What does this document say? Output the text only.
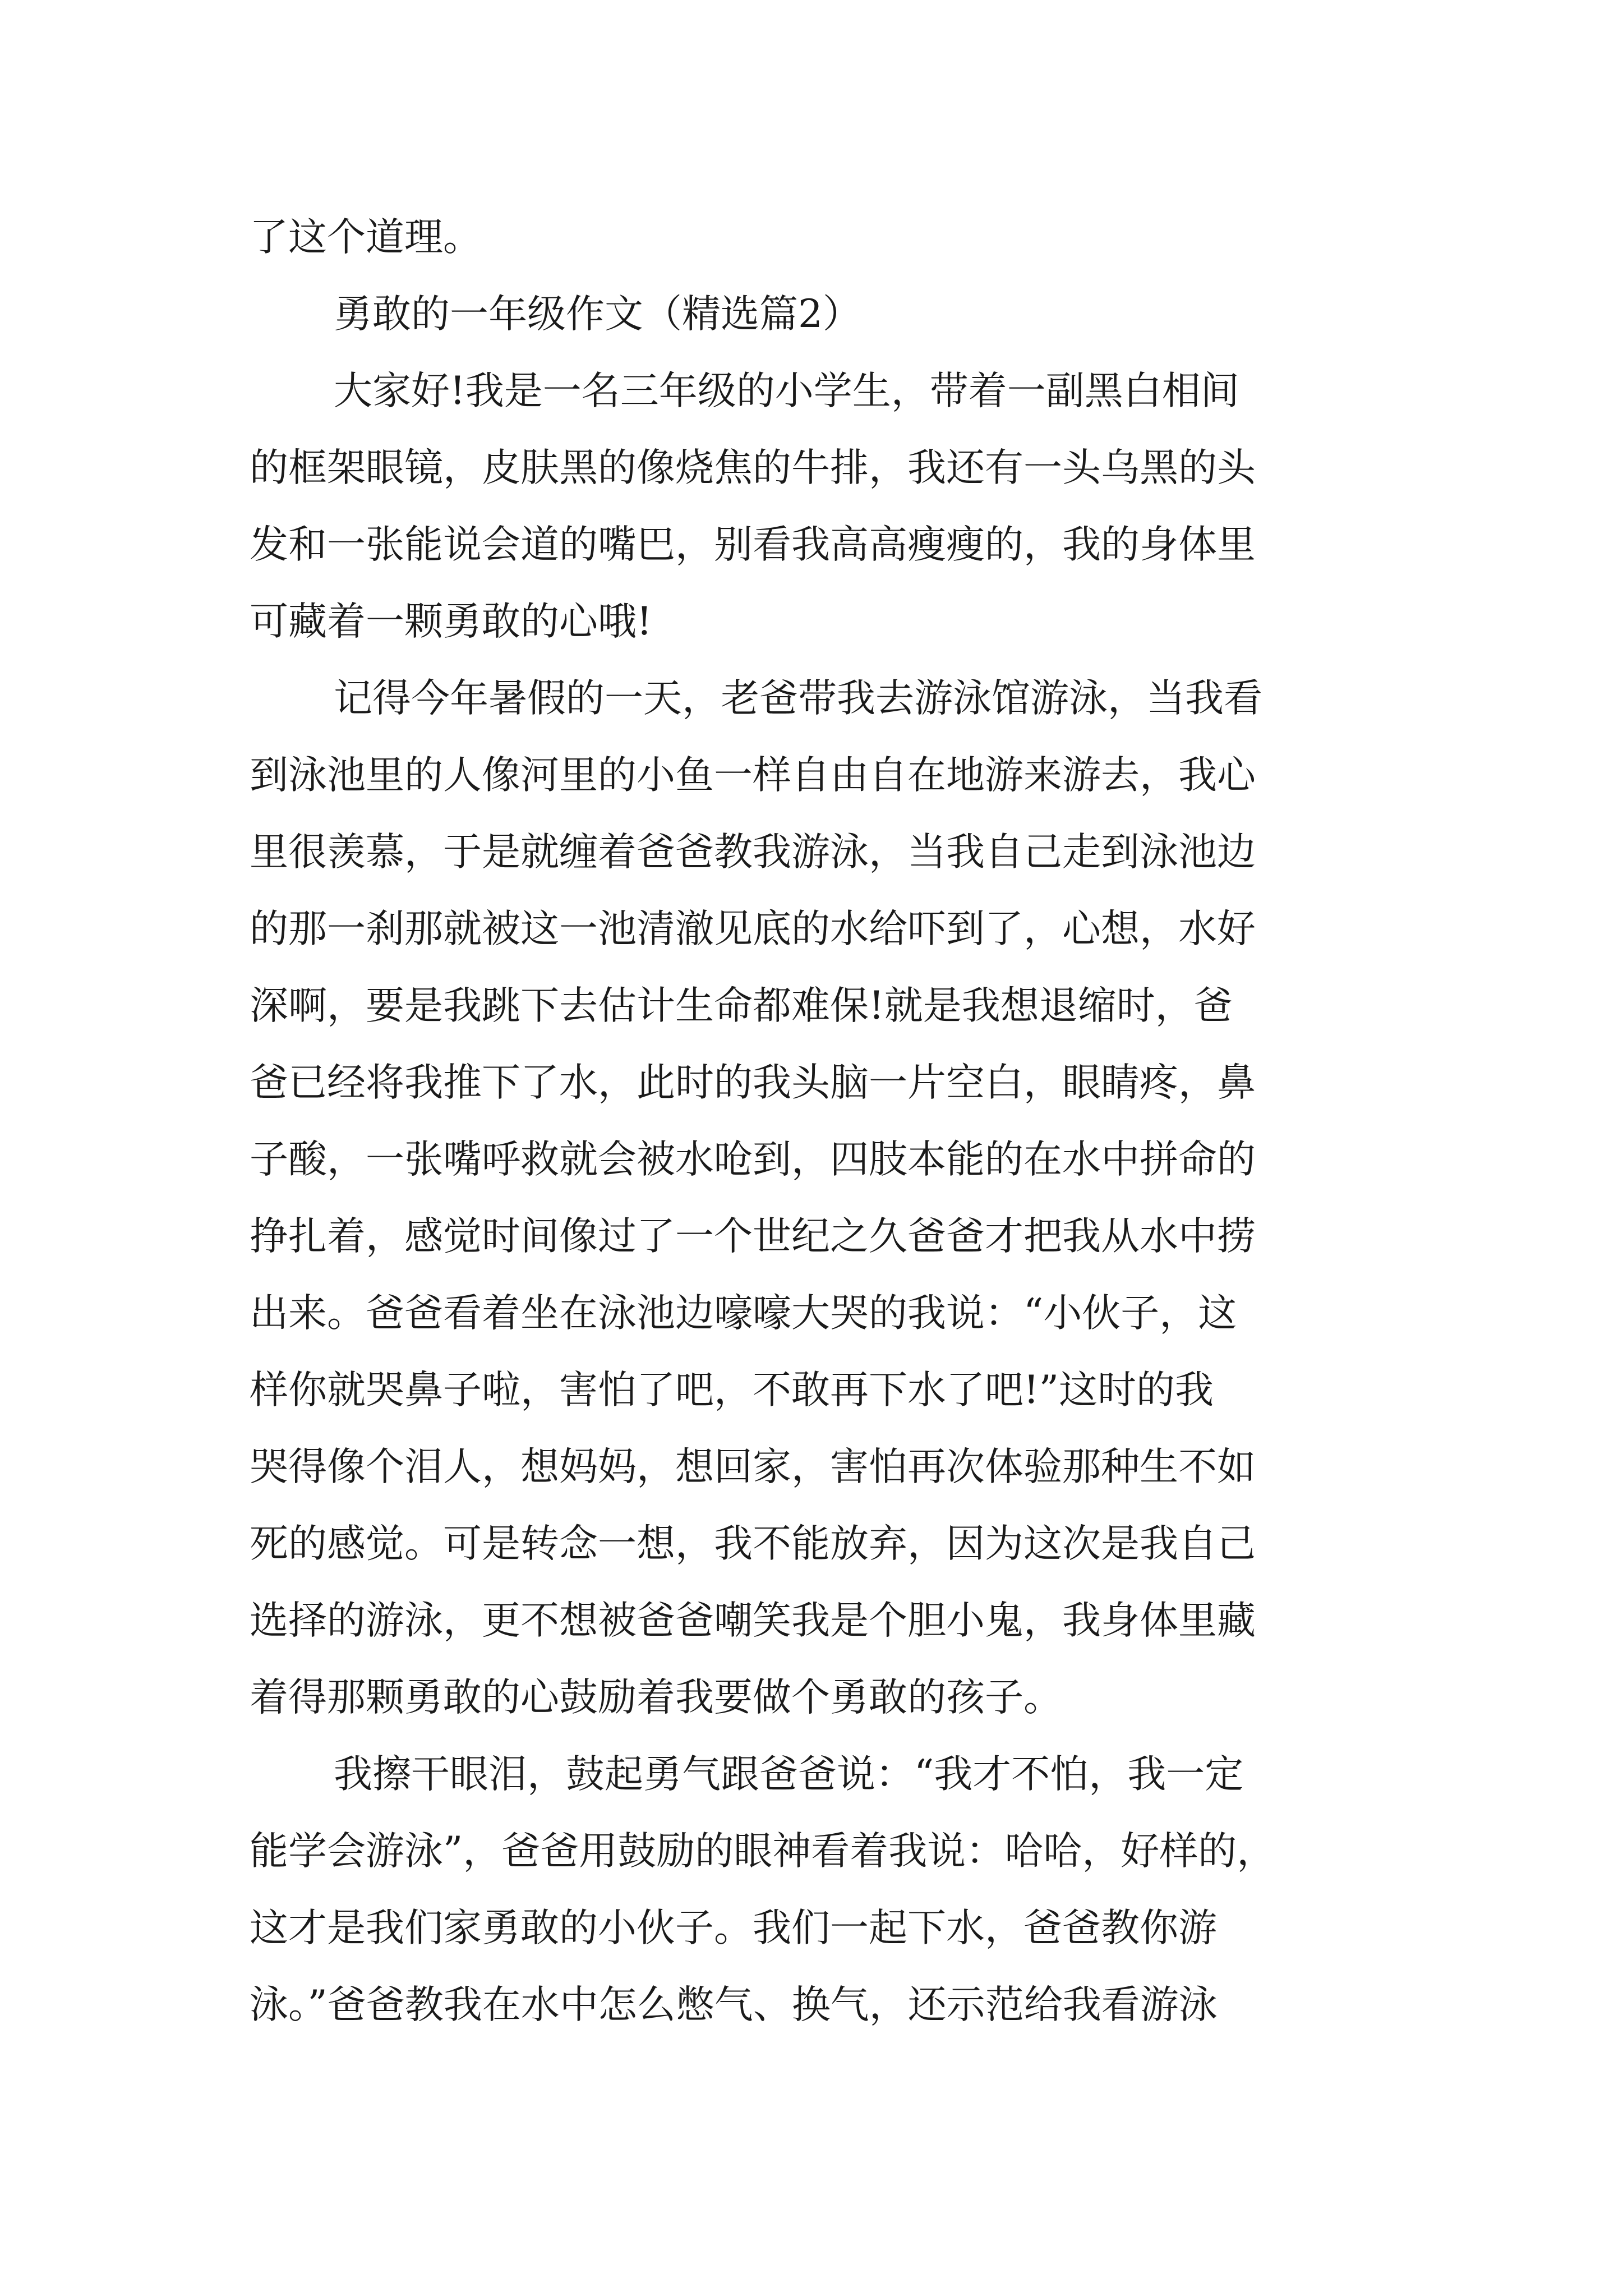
了这个道理。
勇敢的一年级作文（精选篇2）
大家好!我是一名三年级的小学生，带着一副黑白相间
的框架眼镜，皮肤黑的像烧焦的牛排，我还有一头乌黑的头
发和一张能说会道的嘴巴，别看我高高瘦瘦的，我的身体里
可藏着一颗勇敢的心哦!
记得今年暑假的一天，老爸带我去游泳馆游泳，当我看
到泳池里的人像河里的小鱼一样自由自在地游来游去，我心
里很羡慕，于是就缠着爸爸教我游泳，当我自己走到泳池边
的那一刹那就被这一池清澈见底的水给吓到了，心想，水好
深啊，要是我跳下去估计生命都难保!就是我想退缩时，爸
爸已经将我推下了水，此时的我头脑一片空白，眼睛疼，鼻
子酸，一张嘴呼救就会被水呛到，四肢本能的在水中拼命的
挣扎着，感觉时间像过了一个世纪之久爸爸才把我从水中捞
出来。爸爸看着坐在泳池边嚎嚎大哭的我说：“小伙子，这
样你就哭鼻子啦，害怕了吧，不敢再下水了吧!”这时的我
哭得像个泪人，想妈妈，想回家，害怕再次体验那种生不如
死的感觉。可是转念一想，我不能放弃，因为这次是我自己
选择的游泳，更不想被爸爸嘲笑我是个胆小鬼，我身体里藏
着得那颗勇敢的心鼓励着我要做个勇敢的孩子。
我擦干眼泪，鼓起勇气跟爸爸说：“我才不怕，我一定
能学会游泳”，爸爸用鼓励的眼神看着我说：哈哈，好样的，
这才是我们家勇敢的小伙子。我们一起下水，爸爸教你游
泳。”爸爸教我在水中怎么憋气、换气，还示范给我看游泳
